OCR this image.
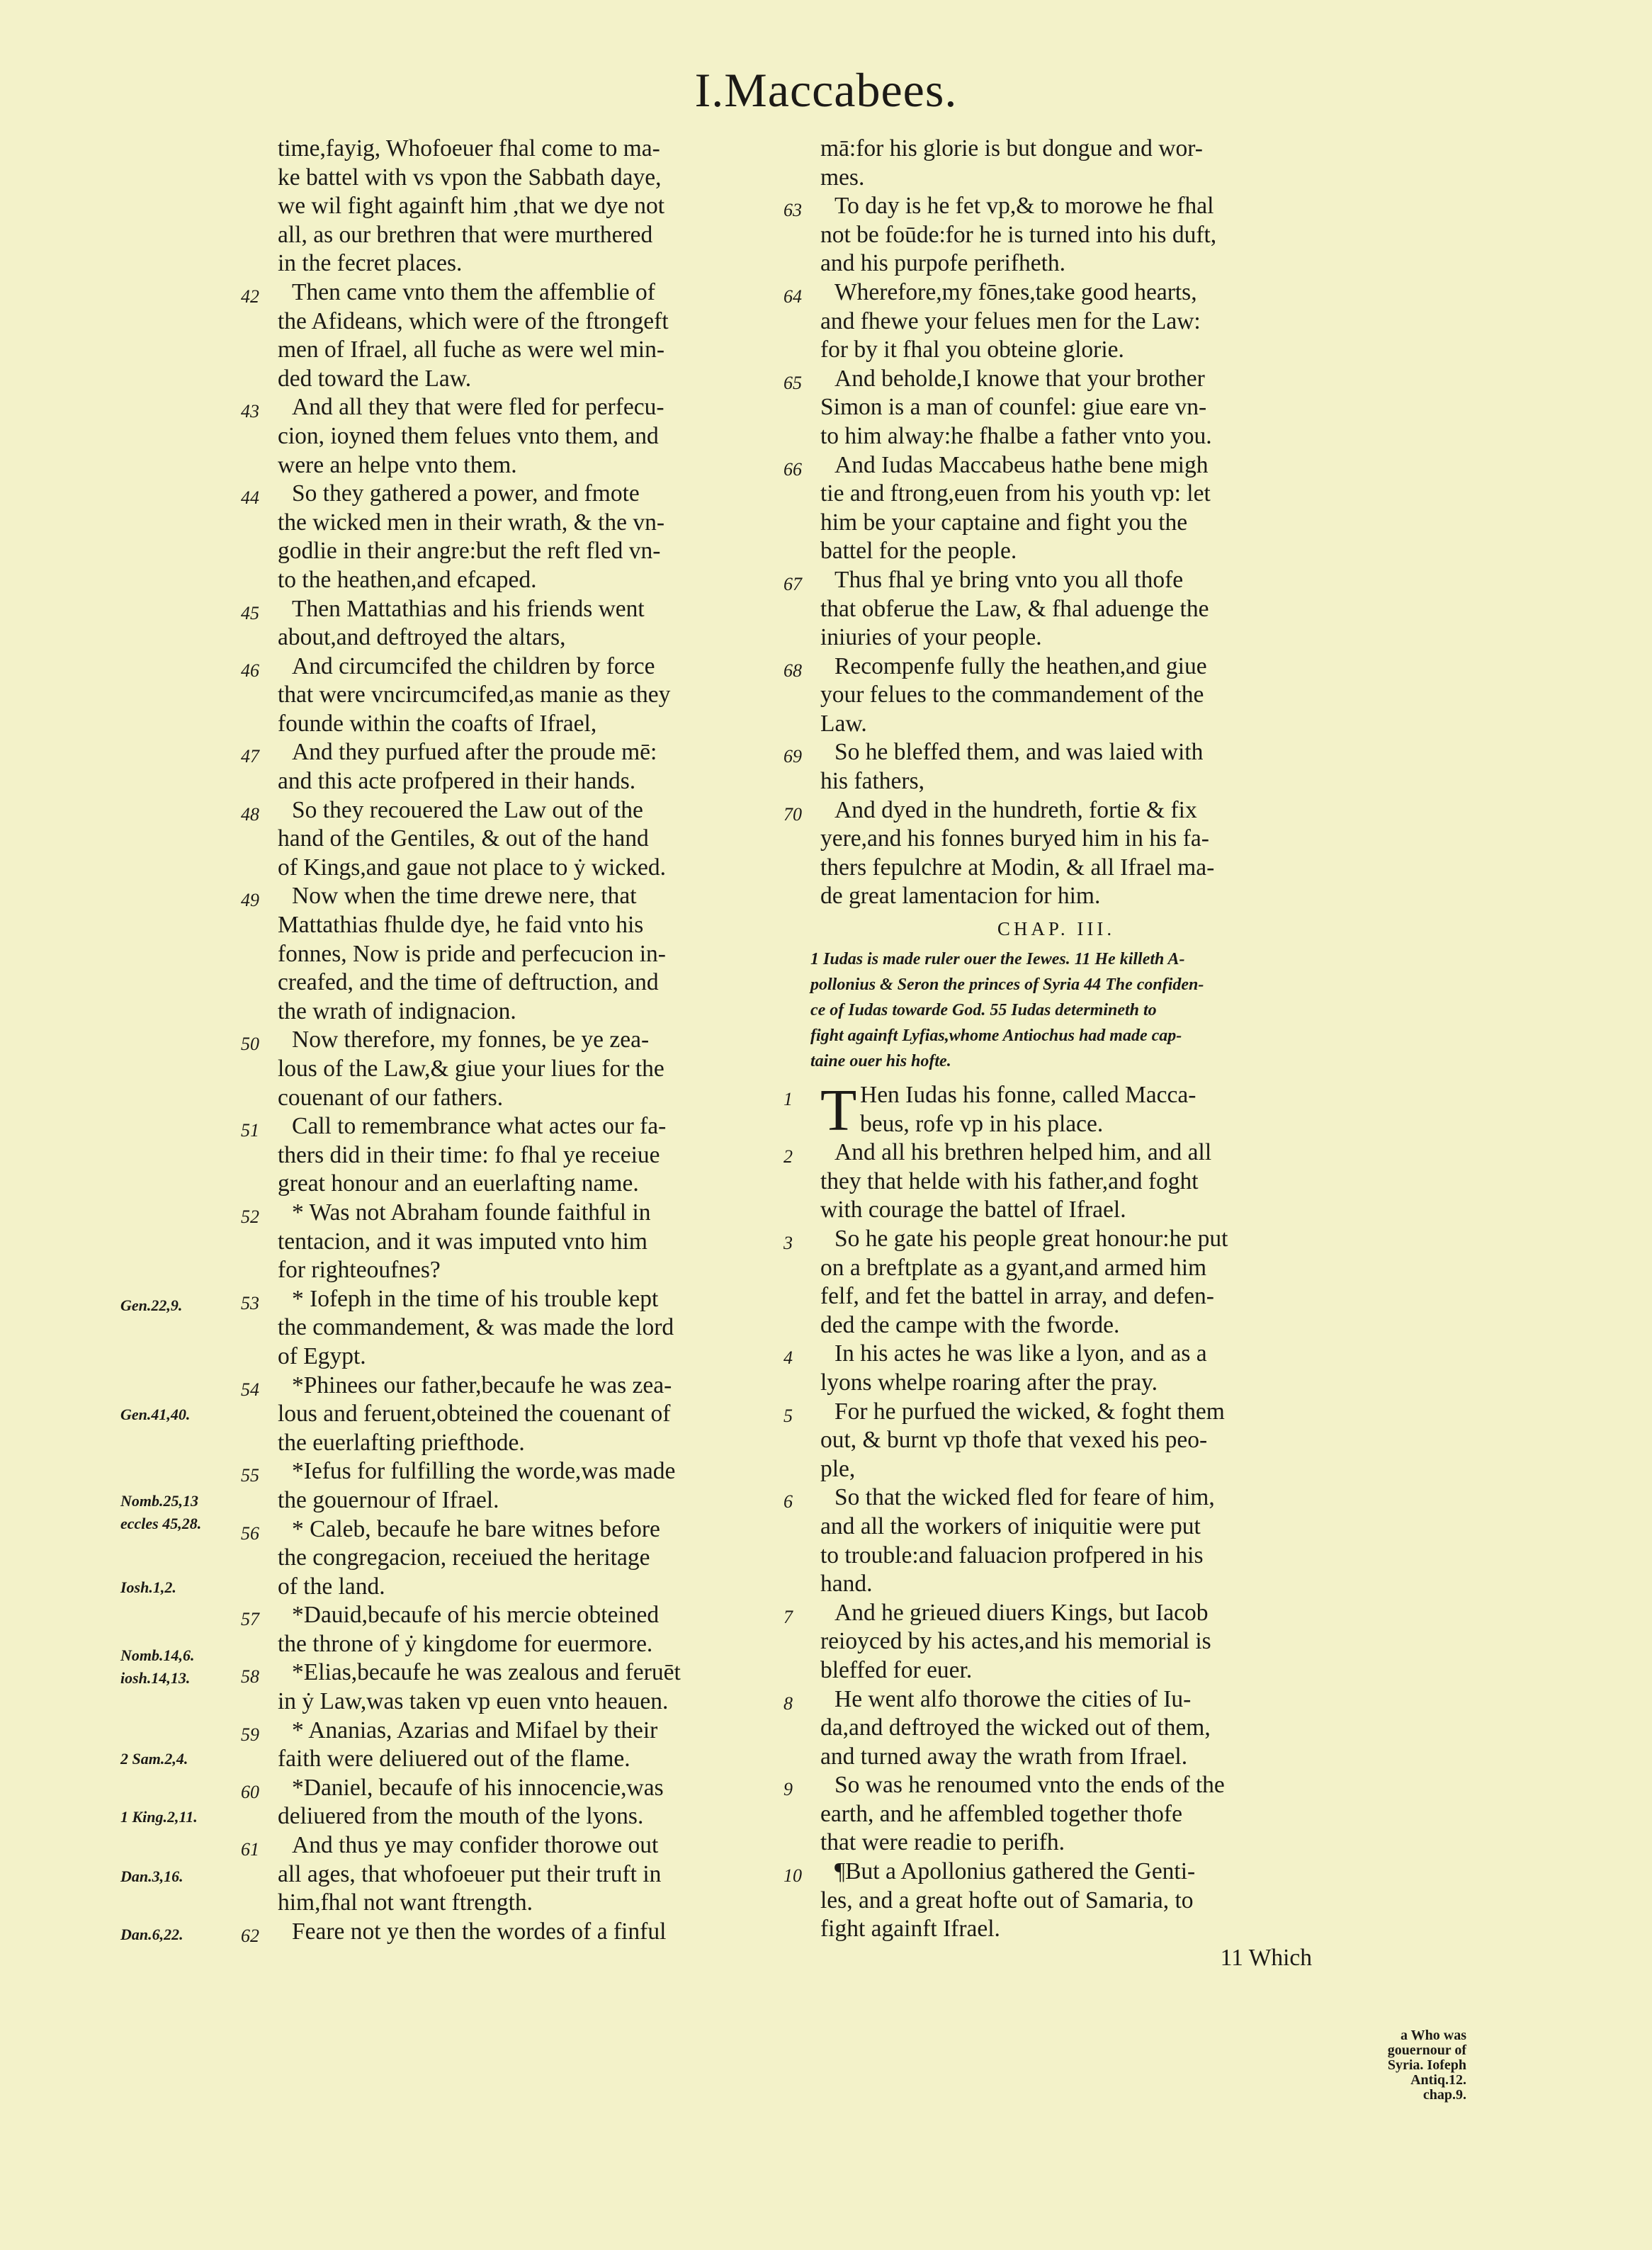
I.Maccabees.
time,fayig, Whofoeuer fhal come to ma-
ke battel with vs vpon the Sabbath daye,
we wil fight againft him ,that we dye not
all, as our brethren that were murthered
in the fecret places.
42	Then came vnto them the affemblie of
the Afideans, which were of the ftrongeft
men of Ifrael, all fuche as were wel min-
ded toward the Law.
43	And all they that were fled for perfecu-
cion, ioyned them felues vnto them, and
were an helpe vnto them.
44	So they gathered a power, and fmote
the wicked men in their wrath, & the vn-
godlie in their angre:but the reft fled vn-
to the heathen,and efcaped.
45	Then Mattathias and his friends went
about,and deftroyed the altars,
46	And circumcifed the children by force
that were vncircumcifed,as manie as they
founde within the coafts of Ifrael,
47	And they purfued after the proude mē:
and this acte profpered in their hands.
48	So they recouered the Law out of the
hand of the Gentiles, & out of the hand
of Kings,and gaue not place to ẏ wicked.
49	Now when the time drewe nere, that
Mattathias fhulde dye, he faid vnto his
fonnes, Now is pride and perfecucion in-
creafed, and the time of deftruction, and
the wrath of indignacion.
50	Now therefore, my fonnes, be ye zea-
lous of the Law,& giue your liues for the
couenant of our fathers.
51	Call to remembrance what actes our fa-
thers did in their time: fo fhal ye receiue
great honour and an euerlafting name.
52	* Was not Abraham founde faithful in
tentacion, and it was imputed vnto him
for righteoufnes?
53	* Iofeph in the time of his trouble kept
the commandement, & was made the lord
of Egypt.
54	*Phinees our father,becaufe he was zea-
lous and feruent,obteined the couenant of
the euerlafting priefthode.
55	*Iefus for fulfilling the worde,was made
the gouernour of Ifrael.
56	* Caleb, becaufe he bare witnes before
the congregacion, receiued the heritage
of the land.
57	*Dauid,becaufe of his mercie obteined
the throne of ẏ kingdome for euermore.
58	*Elias,becaufe he was zealous and feruēt
in ẏ Law,was taken vp euen vnto heauen.
59	* Ananias, Azarias and Mifael by their
faith were deliuered out of the flame.
60	*Daniel, becaufe of his innocencie,was
deliuered from the mouth of the lyons.
61	And thus ye may confider thorowe out
all ages, that whofoeuer put their truft in
him,fhal not want ftrength.
62	Feare not ye then the wordes of a finful
mā:for his glorie is but dongue and wor-
mes.
63	To day is he fet vp,& to morowe he fhal
not be foūde:for he is turned into his duft,
and his purpofe perifheth.
64	Wherefore,my fōnes,take good hearts,
and fhewe your felues men for the Law:
for by it fhal you obteine glorie.
65	And beholde,I knowe that your brother
Simon is a man of counfel: giue eare vn-
to him alway:he fhalbe a father vnto you.
66	And Iudas Maccabeus hathe bene migh
tie and ftrong,euen from his youth vp: let
him be your captaine and fight you the
battel for the people.
67	Thus fhal ye bring vnto you all thofe
that obferue the Law, & fhal aduenge the
iniuries of your people.
68	Recompenfe fully the heathen,and giue
your felues to the commandement of the
Law.
69	So he bleffed them, and was laied with
his fathers,
70	And dyed in the hundreth, fortie & fix
yere,and his fonnes buryed him in his fa-
thers fepulchre at Modin, & all Ifrael ma-
de great lamentacion for him.
CHAP. III.
1 Iudas is made ruler ouer the Iewes. 11 He killeth A-
pollonius & Seron the princes of Syria 44 The confiden-
ce of Iudas towarde God. 55 Iudas determineth to
fight againft Lyfias,whome Antiochus had made cap-
taine ouer his hofte.
1 T Hen Iudas his fonne, called Macca-
beus, rofe vp in his place.
2	And all his brethren helped him, and all
they that helde with his father,and foght
with courage the battel of Ifrael.
3	So he gate his people great honour:he put
on a breftplate as a gyant,and armed him
felf, and fet the battel in array, and defen-
ded the campe with the fworde.
4	In his actes he was like a lyon, and as a
lyons whelpe roaring after the pray.
5	For he purfued the wicked, & foght them
out, & burnt vp thofe that vexed his peo-
ple,
6	So that the wicked fled for feare of him,
and all the workers of iniquitie were put
to trouble:and faluacion profpered in his
hand.
7	And he grieued diuers Kings, but Iacob
reioyced by his actes,and his memorial is
bleffed for euer.
8	He went alfo thorowe the cities of Iu-
da,and deftroyed the wicked out of them,
and turned away the wrath from Ifrael.
9	So was he renoumed vnto the ends of the
earth, and he affembled together thofe
that were readie to perifh.
10	¶But a Apollonius gathered the Genti-
les, and a great hofte out of Samaria, to
fight againft Ifrael.
11 Which
Gen.22,9.
Gen.41,40.
Nomb.25,13
eccles 45,28.
Iosh.1,2.
Nomb.14,6.
iosh.14,13.
2 Sam.2,4.
1 King.2,11.
Dan.3,16.
Dan.6,22.
a Who was
gouernour of
Syria. Iofeph
Antiq.12.
chap.9.
